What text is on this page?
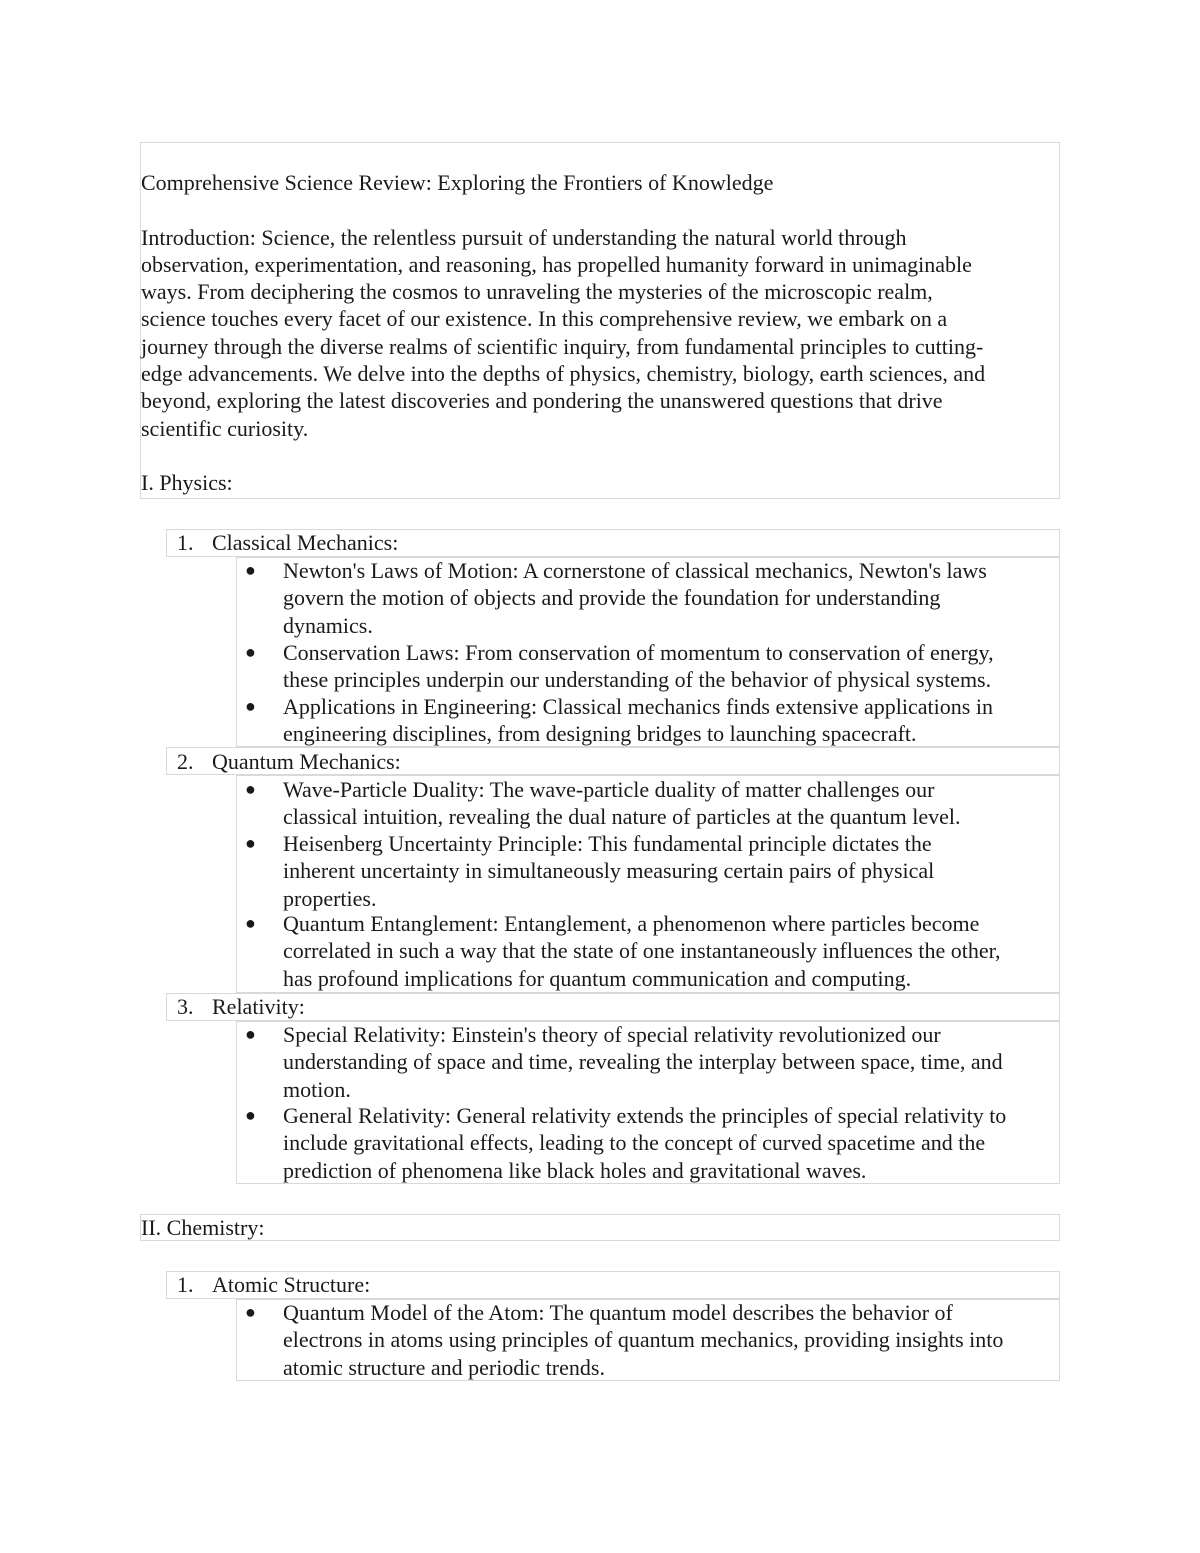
Comprehensive Science Review: Exploring the Frontiers of Knowledge
Introduction: Science, the relentless pursuit of understanding the natural world through
observation, experimentation, and reasoning, has propelled humanity forward in unimaginable
ways. From deciphering the cosmos to unraveling the mysteries of the microscopic realm,
science touches every facet of our existence. In this comprehensive review, we embark on a
journey through the diverse realms of scientific inquiry, from fundamental principles to cutting-
edge advancements. We delve into the depths of physics, chemistry, biology, earth sciences, and
beyond, exploring the latest discoveries and pondering the unanswered questions that drive
scientific curiosity.
I. Physics:
1. Classical Mechanics:
●	Newton's Laws of Motion: A cornerstone of classical mechanics, Newton's laws
govern the motion of objects and provide the foundation for understanding
dynamics.
●	Conservation Laws: From conservation of momentum to conservation of energy,
these principles underpin our understanding of the behavior of physical systems.
●	Applications in Engineering: Classical mechanics finds extensive applications in
engineering disciplines, from designing bridges to launching spacecraft.
2. Quantum Mechanics:
●	Wave-Particle Duality: The wave-particle duality of matter challenges our
classical intuition, revealing the dual nature of particles at the quantum level.
●	Heisenberg Uncertainty Principle: This fundamental principle dictates the
inherent uncertainty in simultaneously measuring certain pairs of physical
properties.
●	Quantum Entanglement: Entanglement, a phenomenon where particles become
correlated in such a way that the state of one instantaneously influences the other,
has profound implications for quantum communication and computing.
3. Relativity:
●	Special Relativity: Einstein's theory of special relativity revolutionized our
understanding of space and time, revealing the interplay between space, time, and
motion.
●	General Relativity: General relativity extends the principles of special relativity to
include gravitational effects, leading to the concept of curved spacetime and the
prediction of phenomena like black holes and gravitational waves.
II. Chemistry:
1. Atomic Structure:
●	Quantum Model of the Atom: The quantum model describes the behavior of
electrons in atoms using principles of quantum mechanics, providing insights into
atomic structure and periodic trends.
